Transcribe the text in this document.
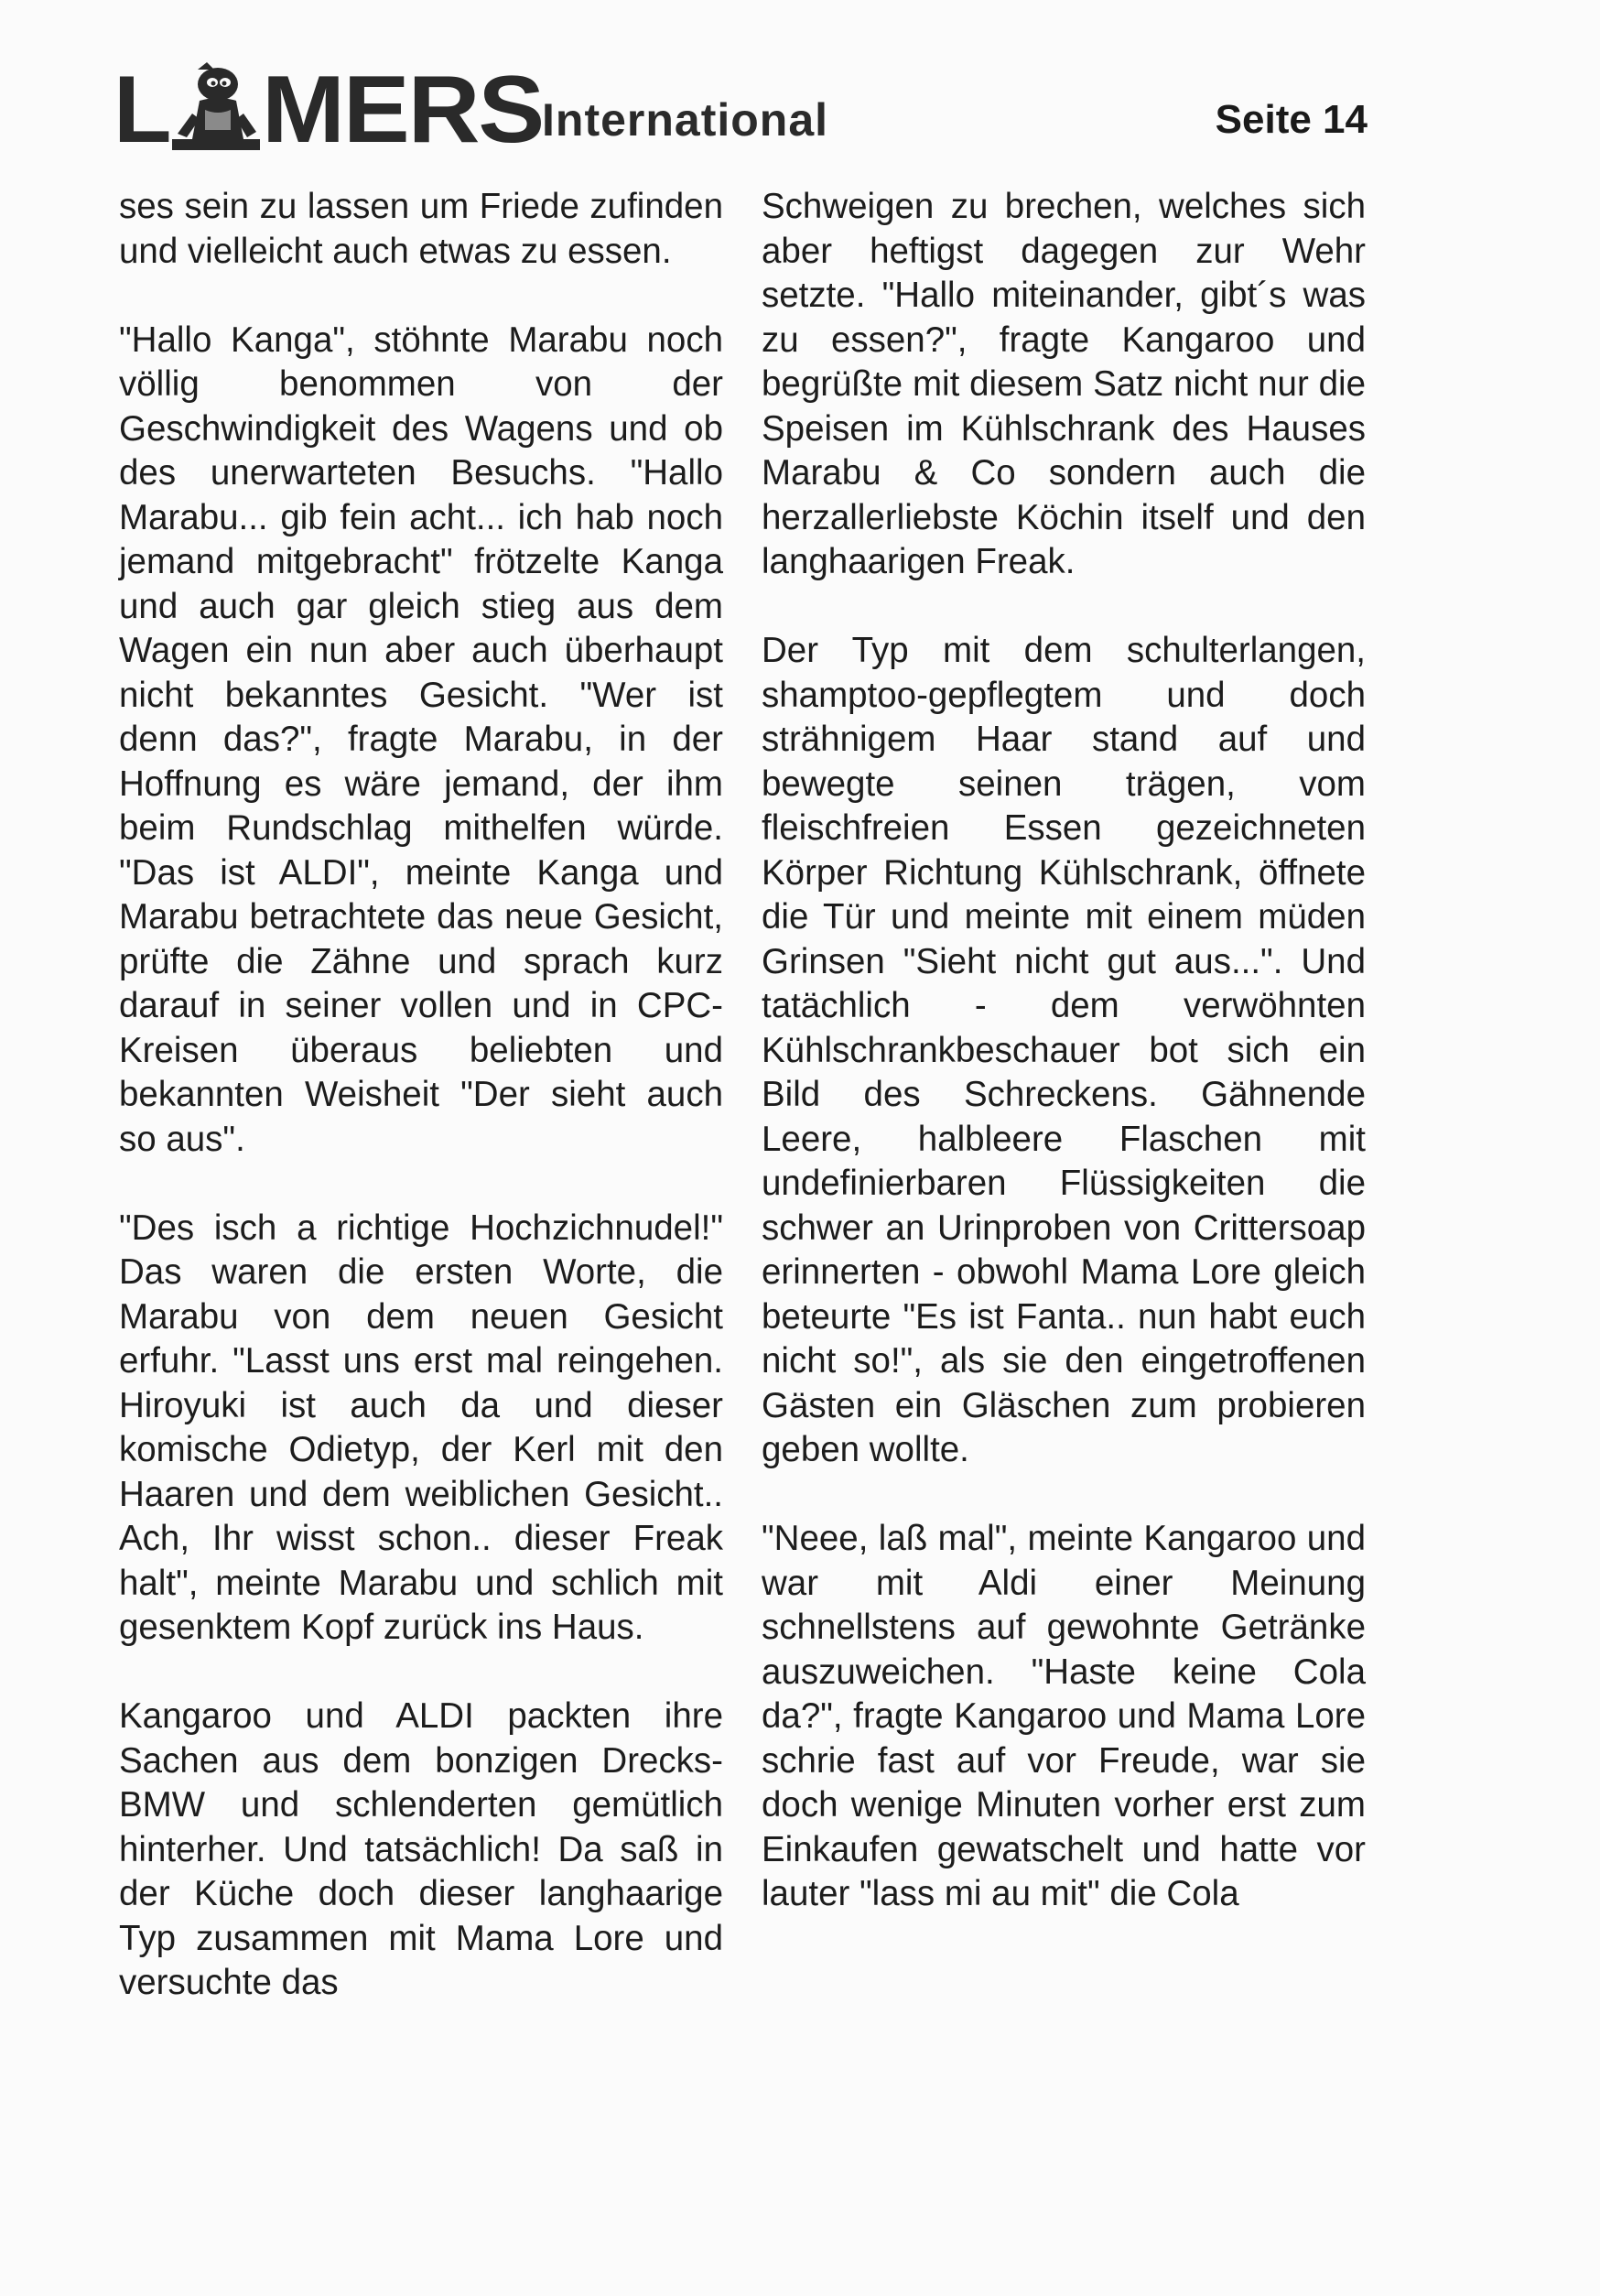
L MERS International	Seite 14

ses sein zu lassen um Friede zufinden und vielleicht auch etwas zu essen.

"Hallo Kanga", stöhnte Marabu noch völlig benommen von der Geschwindigkeit des Wagens und ob des unerwarteten Besuchs. "Hallo Marabu... gib fein acht... ich hab noch jemand mitgebracht" frötzelte Kanga und auch gar gleich stieg aus dem Wagen ein nun aber auch überhaupt nicht bekanntes Gesicht. "Wer ist denn das?", fragte Marabu, in der Hoffnung es wäre jemand, der ihm beim Rundschlag mithelfen würde. "Das ist ALDI", meinte Kanga und Marabu betrachtete das neue Gesicht, prüfte die Zähne und sprach kurz darauf in seiner vollen und in CPC-Kreisen überaus beliebten und bekannten Weisheit "Der sieht auch so aus".

"Des isch a richtige Hochzichnudel!" Das waren die ersten Worte, die Marabu von dem neuen Gesicht erfuhr. "Lasst uns erst mal reingehen. Hiroyuki ist auch da und dieser komische Odietyp, der Kerl mit den Haaren und dem weiblichen Gesicht.. Ach, Ihr wisst schon.. dieser Freak halt", meinte Marabu und schlich mit gesenktem Kopf zurück ins Haus.

Kangaroo und ALDI packten ihre Sachen aus dem bonzigen Drecks-BMW und schlenderten gemütlich hinterher. Und tatsächlich! Da saß in der Küche doch dieser langhaarige Typ zusammen mit Mama Lore und versuchte das

Schweigen zu brechen, welches sich aber heftigst dagegen zur Wehr setzte. "Hallo miteinander, gibt´s was zu essen?", fragte Kangaroo und begrüßte mit diesem Satz nicht nur die Speisen im Kühlschrank des Hauses Marabu & Co sondern auch die herzallerliebste Köchin itself und den langhaarigen Freak.

Der Typ mit dem schulterlangen, shamptoo-gepflegtem und doch strähnigem Haar stand auf und bewegte seinen trägen, vom fleischfreien Essen gezeichneten Körper Richtung Kühlschrank, öffnete die Tür und meinte mit einem müden Grinsen "Sieht nicht gut aus...". Und tatächlich - dem verwöhnten Kühlschrankbeschauer bot sich ein Bild des Schreckens. Gähnende Leere, halbleere Flaschen mit undefinierbaren Flüssigkeiten die schwer an Urinproben von Crittersoap erinnerten - obwohl Mama Lore gleich beteurte "Es ist Fanta.. nun habt euch nicht so!", als sie den eingetroffenen Gästen ein Gläschen zum probieren geben wollte.

"Neee, laß mal", meinte Kangaroo und war mit Aldi einer Meinung schnellstens auf gewohnte Getränke auszuweichen. "Haste keine Cola da?", fragte Kangaroo und Mama Lore schrie fast auf vor Freude, war sie doch wenige Minuten vorher erst zum Einkaufen gewatschelt und hatte vor lauter "lass mi au mit" die Cola
